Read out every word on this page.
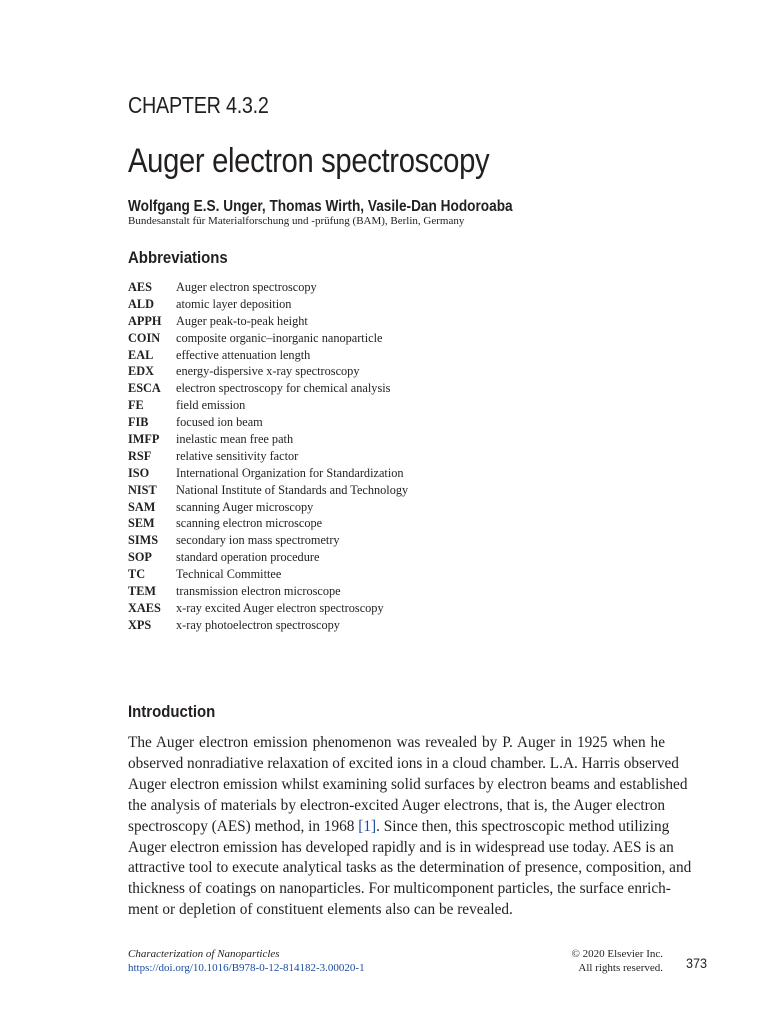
CHAPTER 4.3.2
Auger electron spectroscopy
Wolfgang E.S. Unger, Thomas Wirth, Vasile-Dan Hodoroaba
Bundesanstalt für Materialforschung und -prüfung (BAM), Berlin, Germany
Abbreviations
AES	Auger electron spectroscopy
ALD	atomic layer deposition
APPH	Auger peak-to-peak height
COIN	composite organic–inorganic nanoparticle
EAL	effective attenuation length
EDX	energy-dispersive x-ray spectroscopy
ESCA	electron spectroscopy for chemical analysis
FE	field emission
FIB	focused ion beam
IMFP	inelastic mean free path
RSF	relative sensitivity factor
ISO	International Organization for Standardization
NIST	National Institute of Standards and Technology
SAM	scanning Auger microscopy
SEM	scanning electron microscope
SIMS	secondary ion mass spectrometry
SOP	standard operation procedure
TC	Technical Committee
TEM	transmission electron microscope
XAES	x-ray excited Auger electron spectroscopy
XPS	x-ray photoelectron spectroscopy
Introduction

The Auger electron emission phenomenon was revealed by P. Auger in 1925 when he
observed nonradiative relaxation of excited ions in a cloud chamber. L.A. Harris observed
Auger electron emission whilst examining solid surfaces by electron beams and established
the analysis of materials by electron-excited Auger electrons, that is, the Auger electron
spectroscopy (AES) method, in 1968 [1]. Since then, this spectroscopic method utilizing
Auger electron emission has developed rapidly and is in widespread use today. AES is an
attractive tool to execute analytical tasks as the determination of presence, composition, and
thickness of coatings on nanoparticles. For multicomponent particles, the surface enrich-
ment or depletion of constituent elements also can be revealed.

Characterization of Nanoparticles
https://doi.org/10.1016/B978-0-12-814182-3.00020-1
© 2020 Elsevier Inc.
All rights reserved. 373
